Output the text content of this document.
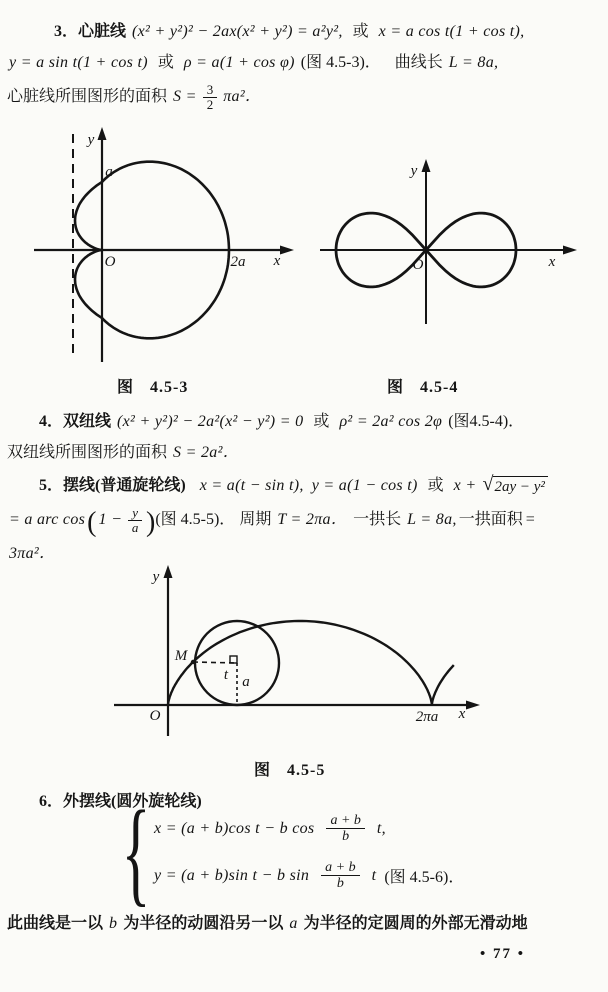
3．心脏线 (x² + y²)² − 2ax(x² + y²) = a²y², 或 x = a cos t(1 + cos t),
y = a sin t(1 + cos t) 或 ρ = a(1 + cos φ) (图 4.5-3)． 曲线长 L = 8a,
心脏线所围图形的面积 $S = \frac{3}{2} \pi a^2$．
y
a
O	2a x
图 4.5-3
y
O	x
图 4.5-4
4．双纽线 (x² + y²)² − 2a²(x² − y²) = 0 或 ρ² = 2a² cos 2φ (图4.5-4)．
双纽线所围图形的面积 S = 2a²．
5．摆线(普通旋轮线) x = a(t − sin t), y = a(1 − cos t) 或 x + √ 2ay − y²
= a arc cos( $1 - \frac{y}{a}$ )(图 4.5-5)． 周期 T = 2πa． 一拱长 L = 8a, 一拱面积 =
3πa²．
y
O
M
t a
2πa x
图 4.5-5
6．外摆线(圆外旋轮线)
{ x = (a + b)cos t − b $\cos \frac{a + b}{b} t$,
y = (a + b)sin t − b $\sin \frac{a + b}{b}$ t (图 4.5-6)．
此曲线是一以 b 为半径的动圆沿另一以 a 为半径的定圆周的外部无滑动地
• 77 •
